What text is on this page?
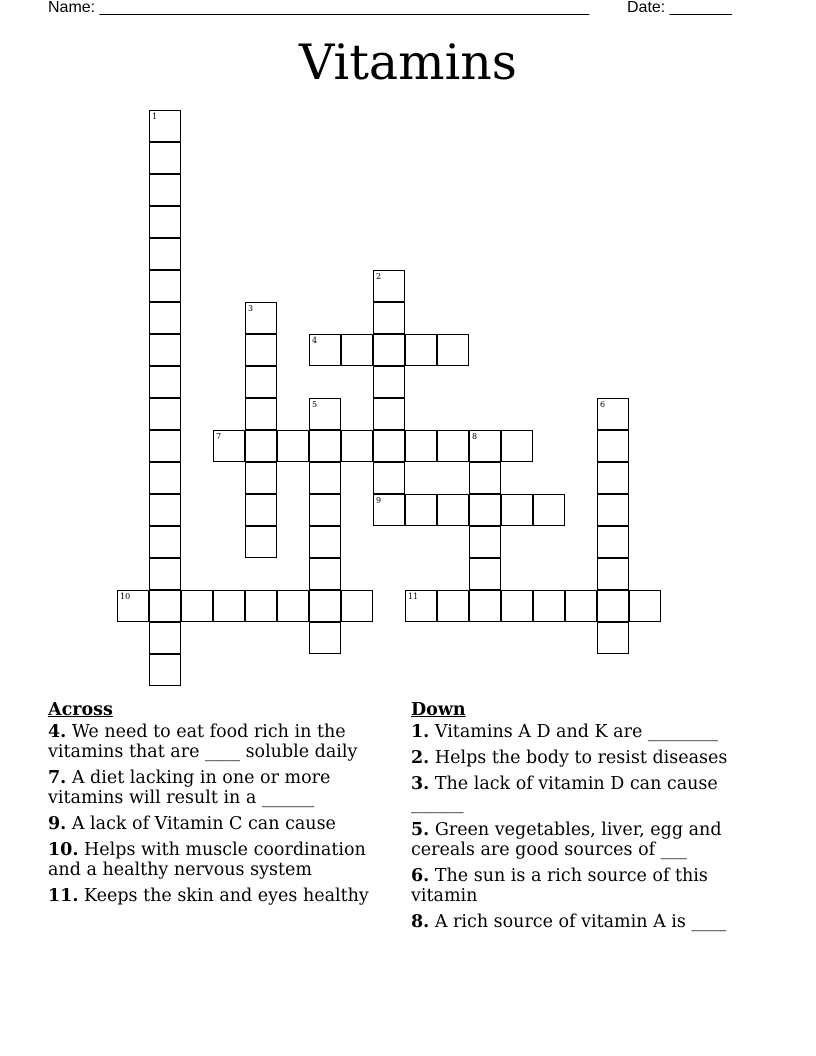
Name: _______________________________________________________ Date: _______
Vitamins
1
2
3
4
5	6
7	8
9
10	11
Across
4. We need to eat food rich in the vitamins that are ____ soluble daily
7. A diet lacking in one or more vitamins will result in a ______
9. A lack of Vitamin C can cause
10. Helps with muscle coordination and a healthy nervous system
11. Keeps the skin and eyes healthy
Down
1. Vitamins A D and K are ________
2. Helps the body to resist diseases
3. The lack of vitamin D can cause ______
5. Green vegetables, liver, egg and cereals are good sources of ___
6. The sun is a rich source of this vitamin
8. A rich source of vitamin A is ____
